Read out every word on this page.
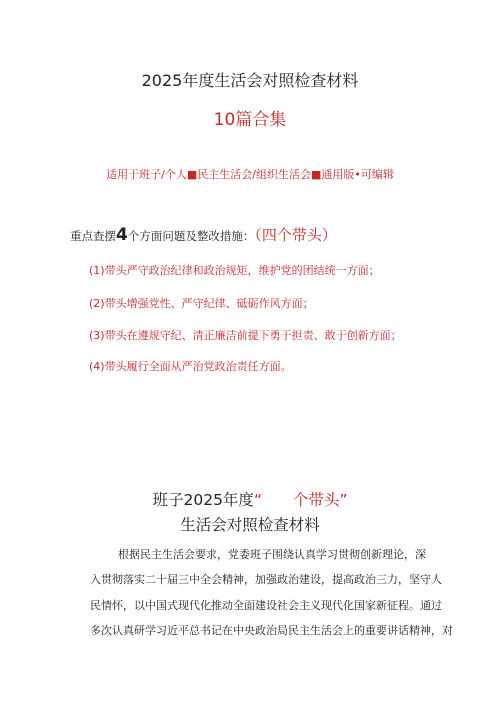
2025年度生活会对照检查材料
10篇合集
适用于班子/个人■民主生活会/组织生活会■通用版•可编辑
重点查摆4个方面问题及整改措施：（四个带头）
(1)带头严守政治纪律和政治规矩，维护党的团结统一方面；
(2)带头增强党性、严守纪律、砥砺作风方面；
(3)带头在遵规守纪、清正廉洁前提下勇于担责、敢于创新方面；
(4)带头履行全面从严治党政治责任方面。
班子2025年度“　　个带头”
生活会对照检查材料
根据民主生活会要求，党委班子围绕认真学习贯彻创新理论，深
入贯彻落实二十届三中全会精神，加强政治建设，提高政治三力，坚守人
民情怀，以中国式现代化推动全面建设社会主义现代化国家新征程。通过
多次认真研学习近平总书记在中央政治局民主生活会上的重要讲话精神，对
